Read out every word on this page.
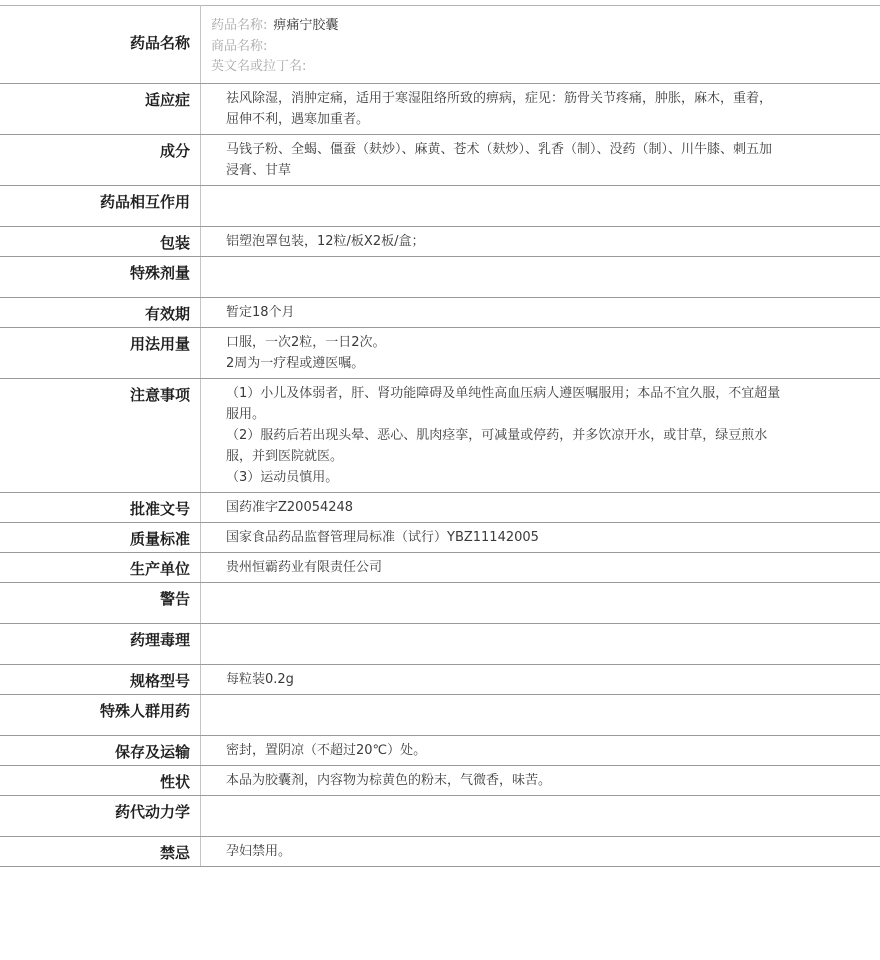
药品名称	药品名称: 痹痛宁胶囊
商品名称:
英文名或拉丁名:

适应症	祛风除湿，消肿定痛，适用于寒湿阻络所致的痹病，症见：筋骨关节疼痛，肿胀，麻木，重着，屈伸不利，遇寒加重者。

成分	马钱子粉、全蝎、僵蚕（麸炒）、麻黄、苍术（麸炒）、乳香（制）、没药（制）、川牛膝、刺五加浸膏、甘草

药品相互作用	

包装	铝塑泡罩包装，12粒/板X2板/盒；

特殊剂量	

有效期	暂定18个月

用法用量	口服，一次2粒，一日2次。
2周为一疗程或遵医嘱。

注意事项	（1）小儿及体弱者，肝、肾功能障碍及单纯性高血压病人遵医嘱服用；本品不宜久服，不宜超量服用。
（2）服药后若出现头晕、恶心、肌肉痉挛，可减量或停药，并多饮凉开水，或甘草，绿豆煎水服，并到医院就医。
（3）运动员慎用。

批准文号	国药准字Z20054248

质量标准	国家食品药品监督管理局标准（试行）YBZ11142005

生产单位	贵州恒霸药业有限责任公司

警告	

药理毒理	

规格型号	每粒装0.2g

特殊人群用药	

保存及运输	密封，置阴凉（不超过20℃）处。

性状	本品为胶囊剂，内容物为棕黄色的粉末，气微香，味苦。

药代动力学	

禁忌	孕妇禁用。
